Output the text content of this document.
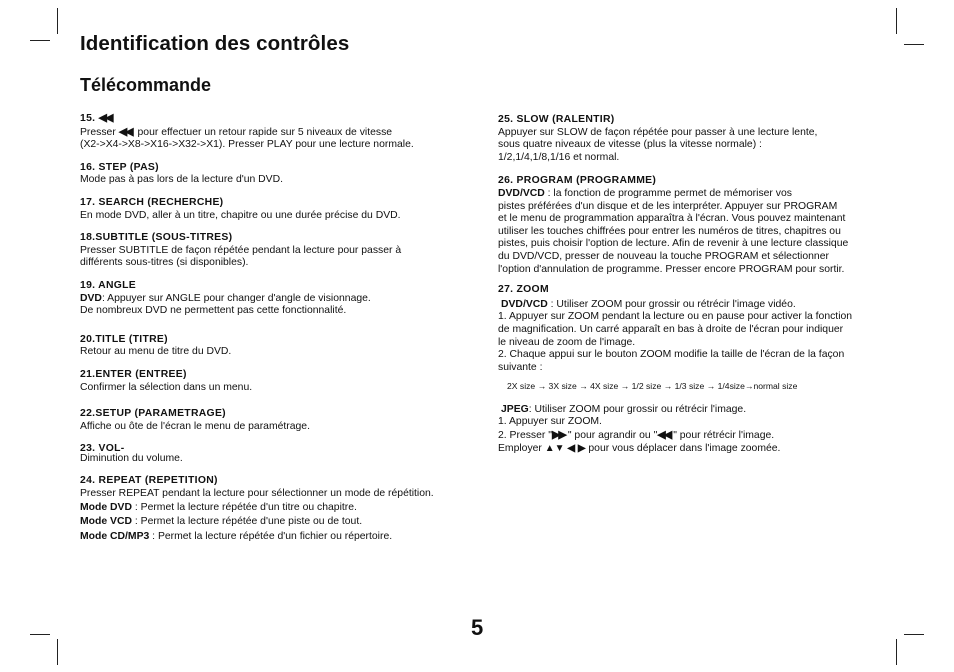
Identification des contrôles
Télécommande
15. ◀◀
Presser ◀◀ pour effectuer un retour rapide sur 5 niveaux de vitesse
(X2->X4->X8->X16->X32->X1). Presser PLAY pour une lecture normale.
16. STEP (PAS)
Mode pas à pas lors de la lecture d'un DVD.
17. SEARCH (RECHERCHE)
En mode DVD, aller à un titre, chapitre ou une durée précise du DVD.
18.SUBTITLE (SOUS-TITRES)
Presser SUBTITLE de façon répétée pendant la lecture pour passer à
différents sous-titres (si disponibles).
19. ANGLE
DVD: Appuyer sur ANGLE pour changer d'angle de visionnage.
De nombreux DVD ne permettent pas cette fonctionnalité.
20.TITLE (TITRE)
Retour au menu de titre du DVD.
21.ENTER (ENTREE)
Confirmer la sélection dans un menu.
22.SETUP (PARAMETRAGE)
Affiche ou ôte de l'écran le menu de paramétrage.
23. VOL-
Diminution du volume.
24. REPEAT (REPETITION)
Presser REPEAT pendant la lecture pour sélectionner un mode de répétition.
Mode DVD : Permet la lecture répétée d'un titre ou chapitre.
Mode VCD : Permet la lecture répétée d'une piste ou de tout.
Mode CD/MP3 : Permet la lecture répétée d'un fichier ou répertoire.
25. SLOW (RALENTIR)
Appuyer sur SLOW de façon répétée pour passer à une lecture lente,
sous quatre niveaux de vitesse (plus la vitesse normale) :
1/2,1/4,1/8,1/16 et normal.
26. PROGRAM (PROGRAMME)
DVD/VCD : la fonction de programme permet de mémoriser vos
pistes préférées d'un disque et de les interpréter. Appuyer sur PROGRAM
et le menu de programmation apparaîtra à l'écran. Vous pouvez maintenant
utiliser les touches chiffrées pour entrer les numéros de titres, chapitres ou
pistes, puis choisir l'option de lecture. Afin de revenir à une lecture classique
du DVD/VCD, presser de nouveau la touche PROGRAM et sélectionner
l'option d'annulation de programme. Presser encore PROGRAM pour sortir.
27. ZOOM
DVD/VCD : Utiliser ZOOM pour grossir ou rétrécir l'image vidéo.
1. Appuyer sur ZOOM pendant la lecture ou en pause pour activer la fonction
de magnification. Un carré apparaît en bas à droite de l'écran pour indiquer
le niveau de zoom de l'image.
2. Chaque appui sur le bouton ZOOM modifie la taille de l'écran de la façon
suivante :
2X size → 3X size → 4X size → 1/2 size → 1/3 size → 1/4size→normal size
JPEG: Utiliser ZOOM pour grossir ou rétrécir l'image.
1. Appuyer sur ZOOM.
2. Presser "▶▶ " pour agrandir ou "◀◀ " pour rétrécir l'image.
Employer ▲▼ ◀ ▶ pour vous déplacer dans l'image zoomée.
5
